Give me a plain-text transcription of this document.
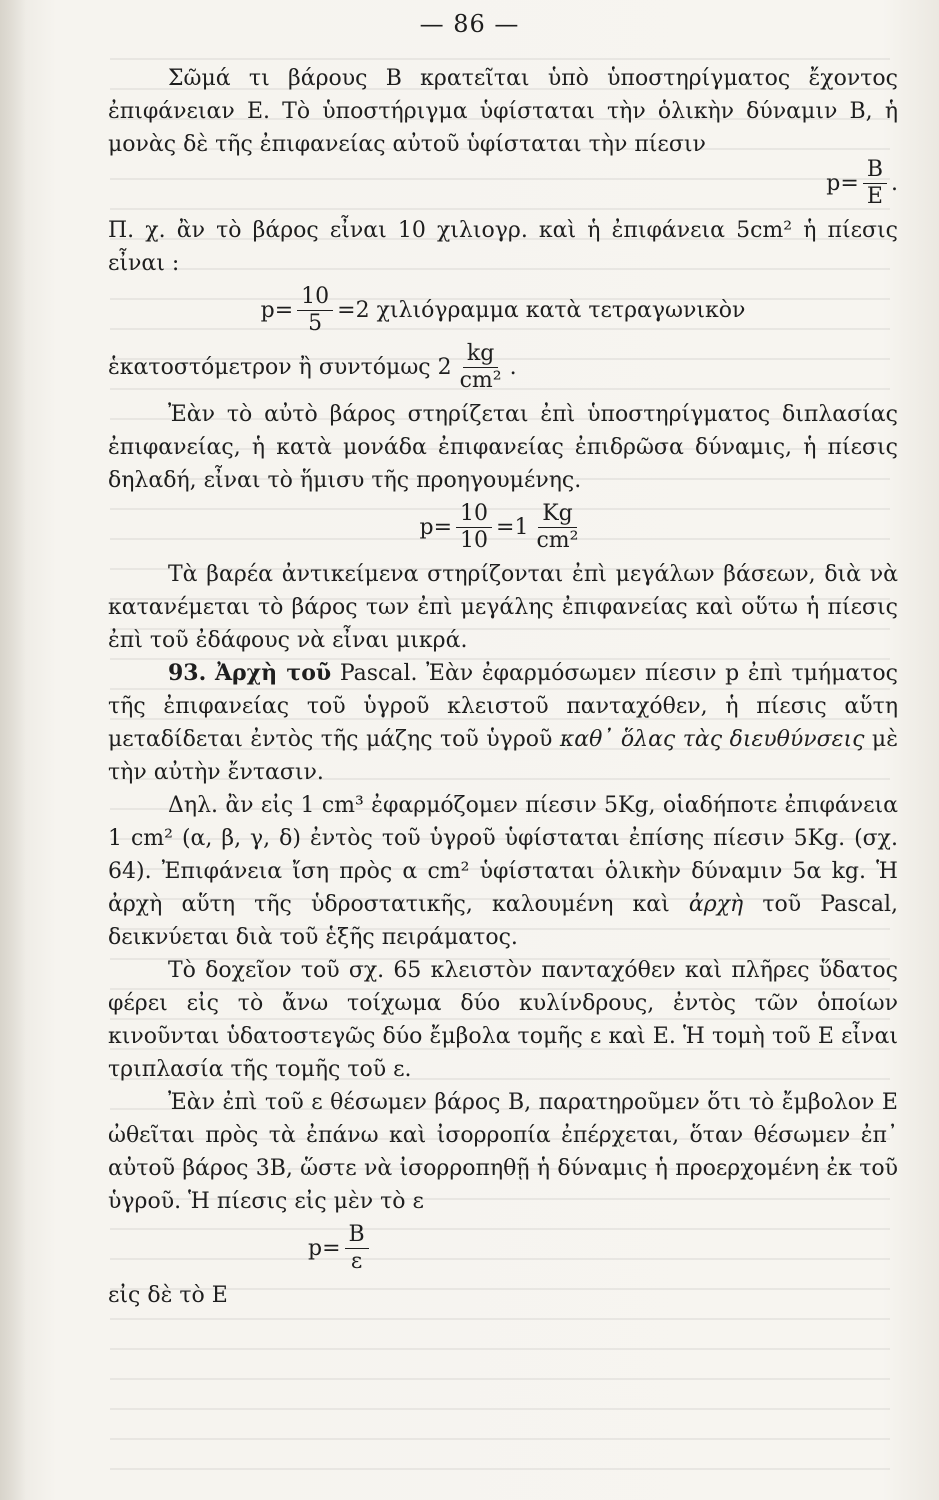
— 86 —

Σῶμά τι βάρους Β κρατεῖται ὑπὸ ὑποστηρίγματος ἔχοντος ἐπιφάνειαν Ε. Τὸ ὑποστήριγμα ὑφίσταται τὴν ὁλικὴν δύναμιν Β, ἡ μονὰς δὲ τῆς ἐπιφανείας αὐτοῦ ὑφίσταται τὴν πίεσιν

$p= \frac{B}{E}$ .

Π. χ. ἂν τὸ βάρος εἶναι 10 χιλιογρ. καὶ ἡ ἐπιφάνεια 5cm² ἡ πίεσις εἶναι :

$p= \frac{10}{5} =2$ χιλιόγραμμα κατὰ τετραγωνικὸν
ἑκατοστόμετρον ἢ συντόμως $2 \frac{kg}{\text{cm²}}$ .

Ἐὰν τὸ αὐτὸ βάρος στηρίζεται ἐπὶ ὑποστηρίγματος διπλασίας ἐπιφανείας, ἡ κατὰ μονάδα ἐπιφανείας ἐπιδρῶσα δύναμις, ἡ πίεσις δηλαδή, εἶναι τὸ ἥμισυ τῆς προηγουμένης.

$p= \frac{10}{10} =1 \frac{Kg}{\text{cm²}}$

Τὰ βαρέα ἀντικείμενα στηρίζονται ἐπὶ μεγάλων βάσεων, διὰ νὰ κατανέμεται τὸ βάρος των ἐπὶ μεγάλης ἐπιφανείας καὶ οὕτω ἡ πίεσις ἐπὶ τοῦ ἐδάφους νὰ εἶναι μικρά.

93. Ἀρχὴ τοῦ Pascal. Ἐὰν ἐφαρμόσωμεν πίεσιν p ἐπὶ τμήματος τῆς ἐπιφανείας τοῦ ὑγροῦ κλειστοῦ πανταχόθεν, ἡ πίεσις αὕτη μεταδίδεται ἐντὸς τῆς μάζης τοῦ ὑγροῦ καθ᾽ ὅλας τὰς διευθύνσεις μὲ τὴν αὐτὴν ἔντασιν.

Δηλ. ἂν εἰς 1 cm³ ἐφαρμόζομεν πίεσιν 5Kg, οἱαδήποτε ἐπιφάνεια 1 cm² (α, β, γ, δ) ἐντὸς τοῦ ὑγροῦ ὑφίσταται ἐπίσης πίεσιν 5Kg. (σχ. 64). Ἐπιφάνεια ἴση πρὸς α cm² ὑφίσταται ὁλικὴν δύναμιν 5α kg. Ἡ ἀρχὴ αὕτη τῆς ὑδροστατικῆς, καλουμένη καὶ ἀρχὴ τοῦ Pascal, δεικνύεται διὰ τοῦ ἑξῆς πειράματος.

Τὸ δοχεῖον τοῦ σχ. 65 κλειστὸν πανταχόθεν καὶ πλῆρες ὕδατος φέρει εἰς τὸ ἄνω τοίχωμα δύο κυλίνδρους, ἐντὸς τῶν ὁποίων κινοῦνται ὑδατοστεγῶς δύο ἔμβολα τομῆς ε καὶ Ε. Ἡ τομὴ τοῦ Ε εἶναι τριπλασία τῆς τομῆς τοῦ ε.

Ἐὰν ἐπὶ τοῦ ε θέσωμεν βάρος Β, παρατηροῦμεν ὅτι τὸ ἔμβολον Ε ὠθεῖται πρὸς τὰ ἐπάνω καὶ ἰσορροπία ἐπέρχεται, ὅταν θέσωμεν ἐπ᾽ αὐτοῦ βάρος 3Β, ὥστε νὰ ἰσορροπηθῇ ἡ δύναμις ἡ προερχομένη ἐκ τοῦ ὑγροῦ. Ἡ πίεσις εἰς μὲν τὸ ε

$p= \frac{B}{\varepsilon}$

εἰς δὲ τὸ Ε
